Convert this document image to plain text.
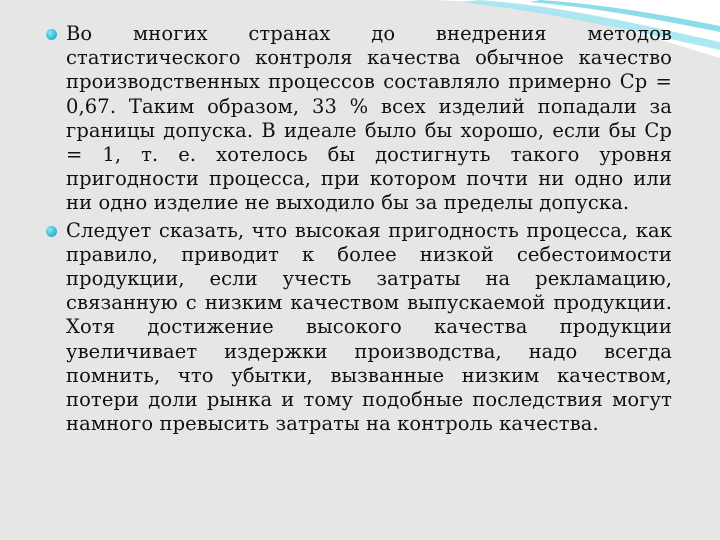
Во многих странах до внедрения методов статистического контроля качества обычное качество производственных процессов составляло примерно Ср = 0,67. Таким образом, 33 % всех изделий попадали за границы допуска. В идеале было бы хорошо, если бы Ср = 1, т. е. хотелось бы достигнуть такого уровня пригодности процесса, при котором почти ни одно или ни одно изделие не выходило бы за пределы допуска.

Следует сказать, что высокая пригодность процесса, как правило, приводит к более низкой себестоимости продукции, если учесть затраты на рекламацию, связанную с низким качеством выпускаемой продукции. Хотя достижение высокого качества продукции увеличивает издержки производства, надо всегда помнить, что убытки, вызванные низким качеством, потери доли рынка и тому подобные последствия могут намного превысить затраты на контроль качества.
